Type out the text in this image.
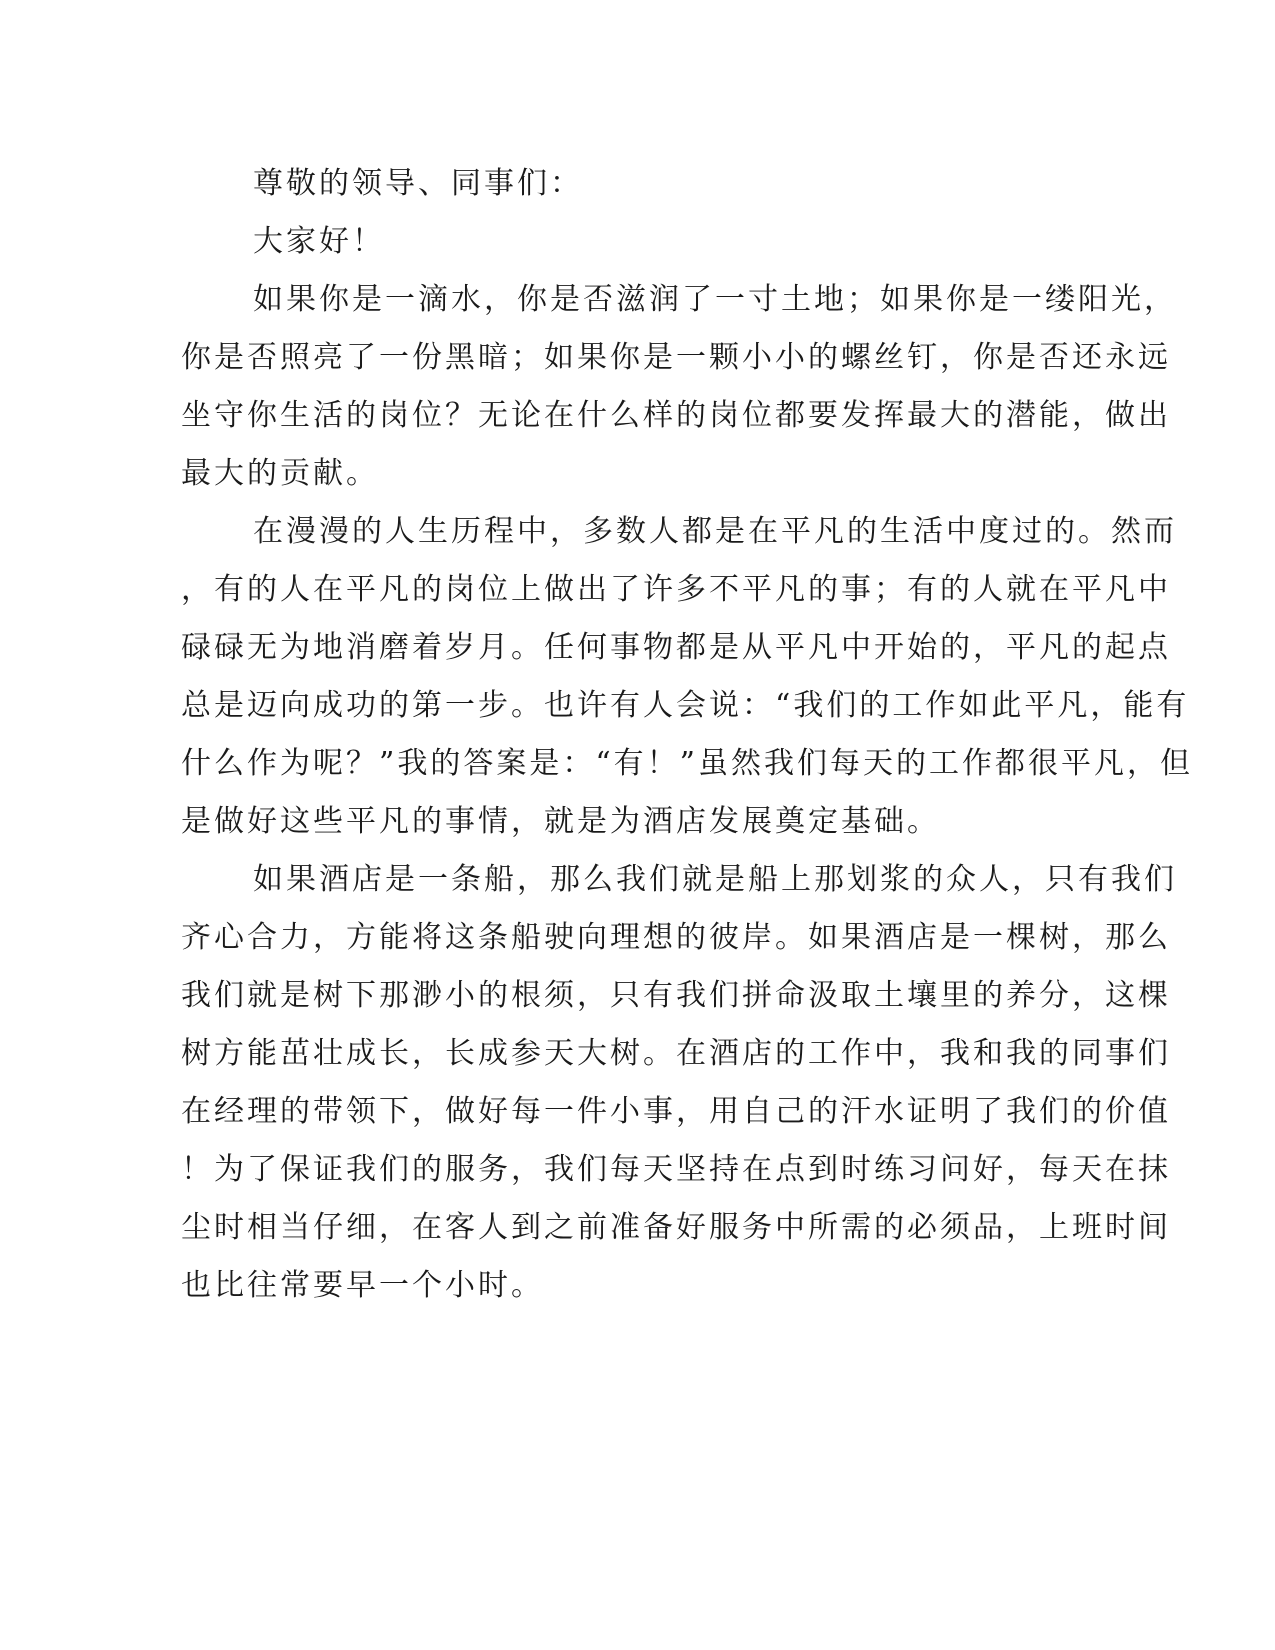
尊敬的领导、同事们：
大家好！
如果你是一滴水，你是否滋润了一寸土地；如果你是一缕阳光，
你是否照亮了一份黑暗；如果你是一颗小小的螺丝钉，你是否还永远
坐守你生活的岗位？无论在什么样的岗位都要发挥最大的潜能，做出
最大的贡献。
在漫漫的人生历程中，多数人都是在平凡的生活中度过的。然而
，有的人在平凡的岗位上做出了许多不平凡的事；有的人就在平凡中
碌碌无为地消磨着岁月。任何事物都是从平凡中开始的，平凡的起点
总是迈向成功的第一步。也许有人会说：“我们的工作如此平凡，能有
什么作为呢？”我的答案是：“有！”虽然我们每天的工作都很平凡，但
是做好这些平凡的事情，就是为酒店发展奠定基础。
如果酒店是一条船，那么我们就是船上那划浆的众人，只有我们
齐心合力，方能将这条船驶向理想的彼岸。如果酒店是一棵树，那么
我们就是树下那渺小的根须，只有我们拼命汲取土壤里的养分，这棵
树方能茁壮成长，长成参天大树。在酒店的工作中，我和我的同事们
在经理的带领下，做好每一件小事，用自己的汗水证明了我们的价值
！为了保证我们的服务，我们每天坚持在点到时练习问好，每天在抹
尘时相当仔细，在客人到之前准备好服务中所需的必须品，上班时间
也比往常要早一个小时。
